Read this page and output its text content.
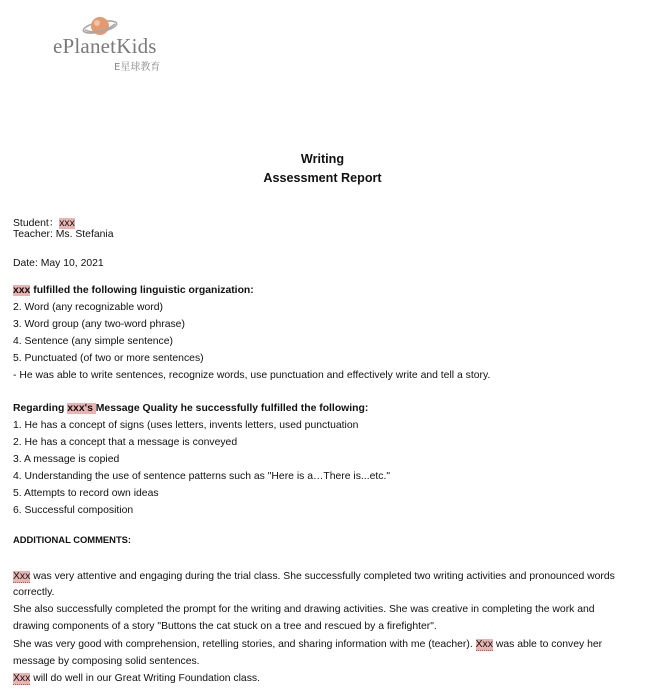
ePlanetKids
E星球教育
Writing
Assessment Report
Student：xxx
Teacher: Ms. Stefania
Date: May 10, 2021
xxx fulfilled the following linguistic organization:
2. Word (any recognizable word)
3. Word group (any two-word phrase)
4. Sentence (any simple sentence)
5. Punctuated (of two or more sentences)
- He was able to write sentences, recognize words, use punctuation and effectively write and tell a story.
Regarding xxx's Message Quality he successfully fulfilled the following:
1. He has a concept of signs (uses letters, invents letters, used punctuation
2. He has a concept that a message is conveyed
3. A message is copied
4. Understanding the use of sentence patterns such as "Here is a…There is...etc."
5. Attempts to record own ideas
6. Successful composition
ADDITIONAL COMMENTS:
Xxx was very attentive and engaging during the trial class. She successfully completed two writing activities and pronounced words
correctly.
She also successfully completed the prompt for the writing and drawing activities. She was creative in completing the work and
drawing components of a story "Buttons the cat stuck on a tree and rescued by a firefighter".
She was very good with comprehension, retelling stories, and sharing information with me (teacher). Xxx was able to convey her
message by composing solid sentences.
Xxx will do well in our Great Writing Foundation class.
